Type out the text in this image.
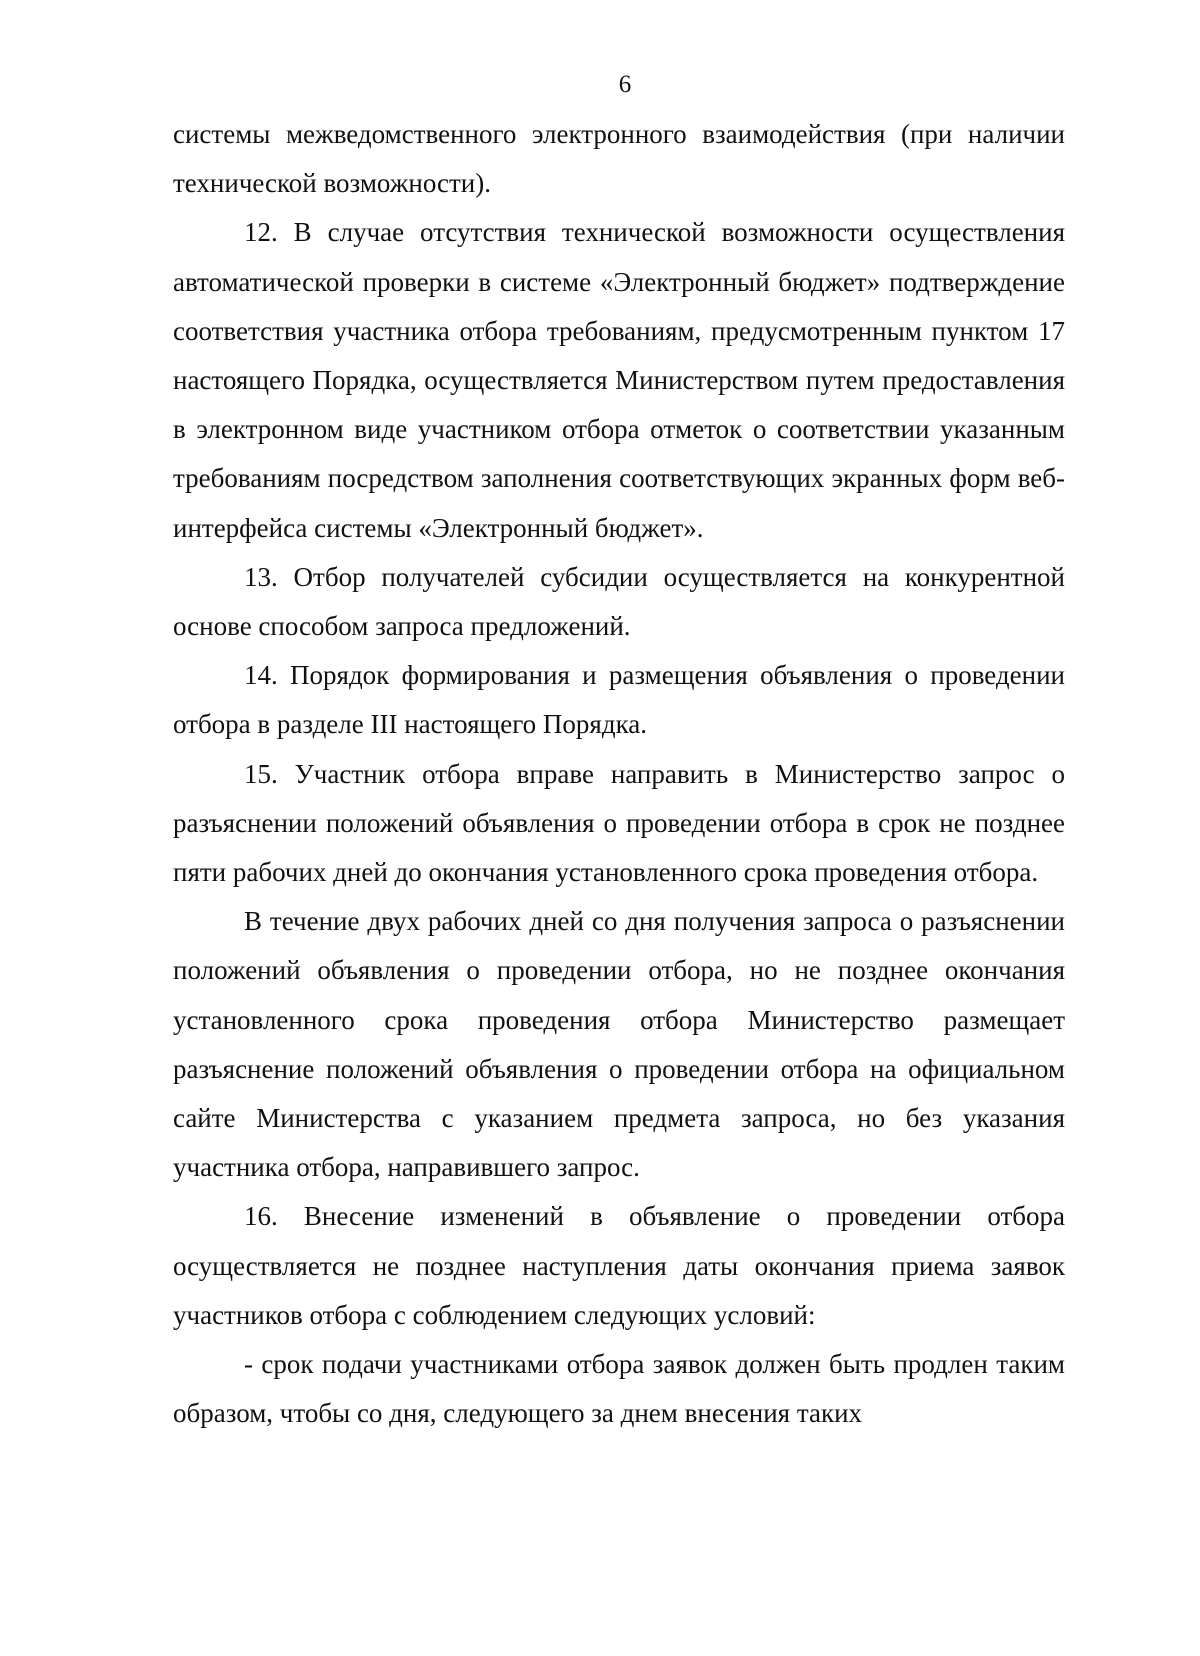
6

системы межведомственного электронного взаимодействия (при наличии технической возможности).

12. В случае отсутствия технической возможности осуществления автоматической проверки в системе «Электронный бюджет» подтверждение соответствия участника отбора требованиям, предусмотренным пунктом 17 настоящего Порядка, осуществляется Министерством путем предоставления в электронном виде участником отбора отметок о соответствии указанным требованиям посредством заполнения соответствующих экранных форм веб-интерфейса системы «Электронный бюджет».

13. Отбор получателей субсидии осуществляется на конкурентной основе способом запроса предложений.

14. Порядок формирования и размещения объявления о проведении отбора в разделе III настоящего Порядка.

15. Участник отбора вправе направить в Министерство запрос о разъяснении положений объявления о проведении отбора в срок не позднее пяти рабочих дней до окончания установленного срока проведения отбора.

В течение двух рабочих дней со дня получения запроса о разъяснении положений объявления о проведении отбора, но не позднее окончания установленного срока проведения отбора Министерство размещает разъяснение положений объявления о проведении отбора на официальном сайте Министерства с указанием предмета запроса, но без указания участника отбора, направившего запрос.

16. Внесение изменений в объявление о проведении отбора осуществляется не позднее наступления даты окончания приема заявок участников отбора с соблюдением следующих условий:

- срок подачи участниками отбора заявок должен быть продлен таким образом, чтобы со дня, следующего за днем внесения таких
